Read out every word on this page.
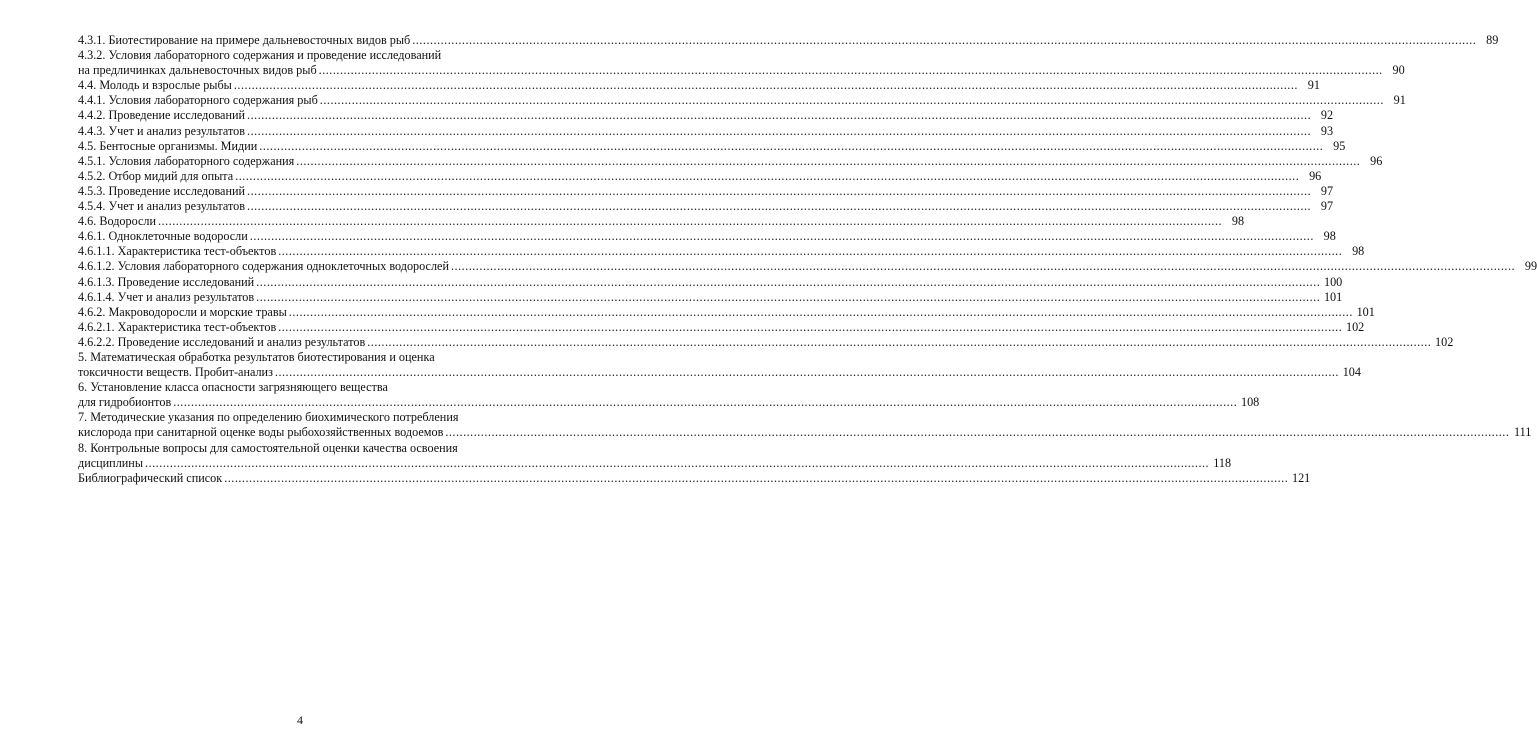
4.3.1. Биотестирование на примере дальневосточных видов рыб ............................................................................................................................................................................................................................................................................................................ 89
4.3.2. Условия лабораторного содержания и проведение исследований
на предличинках дальневосточных видов рыб ............................................................................................................................................................................................................................................................................................................ 90
4.4. Молодь и взрослые рыбы ............................................................................................................................................................................................................................................................................................................ 91
4.4.1. Условия лабораторного содержания рыб ............................................................................................................................................................................................................................................................................................................ 91
4.4.2. Проведение исследований ............................................................................................................................................................................................................................................................................................................ 92
4.4.3. Учет и анализ результатов ............................................................................................................................................................................................................................................................................................................ 93
4.5. Бентосные организмы. Мидии ............................................................................................................................................................................................................................................................................................................ 95
4.5.1. Условия лабораторного содержания ............................................................................................................................................................................................................................................................................................................ 96
4.5.2. Отбор мидий для опыта ............................................................................................................................................................................................................................................................................................................ 96
4.5.3. Проведение исследований ............................................................................................................................................................................................................................................................................................................ 97
4.5.4. Учет и анализ результатов ............................................................................................................................................................................................................................................................................................................ 97
4.6. Водоросли ............................................................................................................................................................................................................................................................................................................ 98
4.6.1. Одноклеточные водоросли ............................................................................................................................................................................................................................................................................................................ 98
4.6.1.1. Характеристика тест-объектов ............................................................................................................................................................................................................................................................................................................ 98
4.6.1.2. Условия лабораторного содержания одноклеточных водорослей ............................................................................................................................................................................................................................................................................................................ 99
4.6.1.3. Проведение исследований ............................................................................................................................................................................................................................................................................................................ 100
4.6.1.4. Учет и анализ результатов ............................................................................................................................................................................................................................................................................................................ 101
4.6.2. Макроводоросли и морские травы ............................................................................................................................................................................................................................................................................................................ 101
4.6.2.1. Характеристика тест-объектов ............................................................................................................................................................................................................................................................................................................ 102
4.6.2.2. Проведение исследований и анализ результатов ............................................................................................................................................................................................................................................................................................................ 102
5. Математическая обработка результатов биотестирования и оценка
токсичности веществ. Пробит-анализ ............................................................................................................................................................................................................................................................................................................ 104
6. Установление класса опасности загрязняющего вещества
для гидробионтов ............................................................................................................................................................................................................................................................................................................ 108
7. Методические указания по определению биохимического потребления
кислорода при санитарной оценке воды рыбохозяйственных водоемов ............................................................................................................................................................................................................................................................................................................ 111
8. Контрольные вопросы для самостоятельной оценки качества освоения
дисциплины ............................................................................................................................................................................................................................................................................................................ 118
Библиографический список ............................................................................................................................................................................................................................................................................................................ 121
4
